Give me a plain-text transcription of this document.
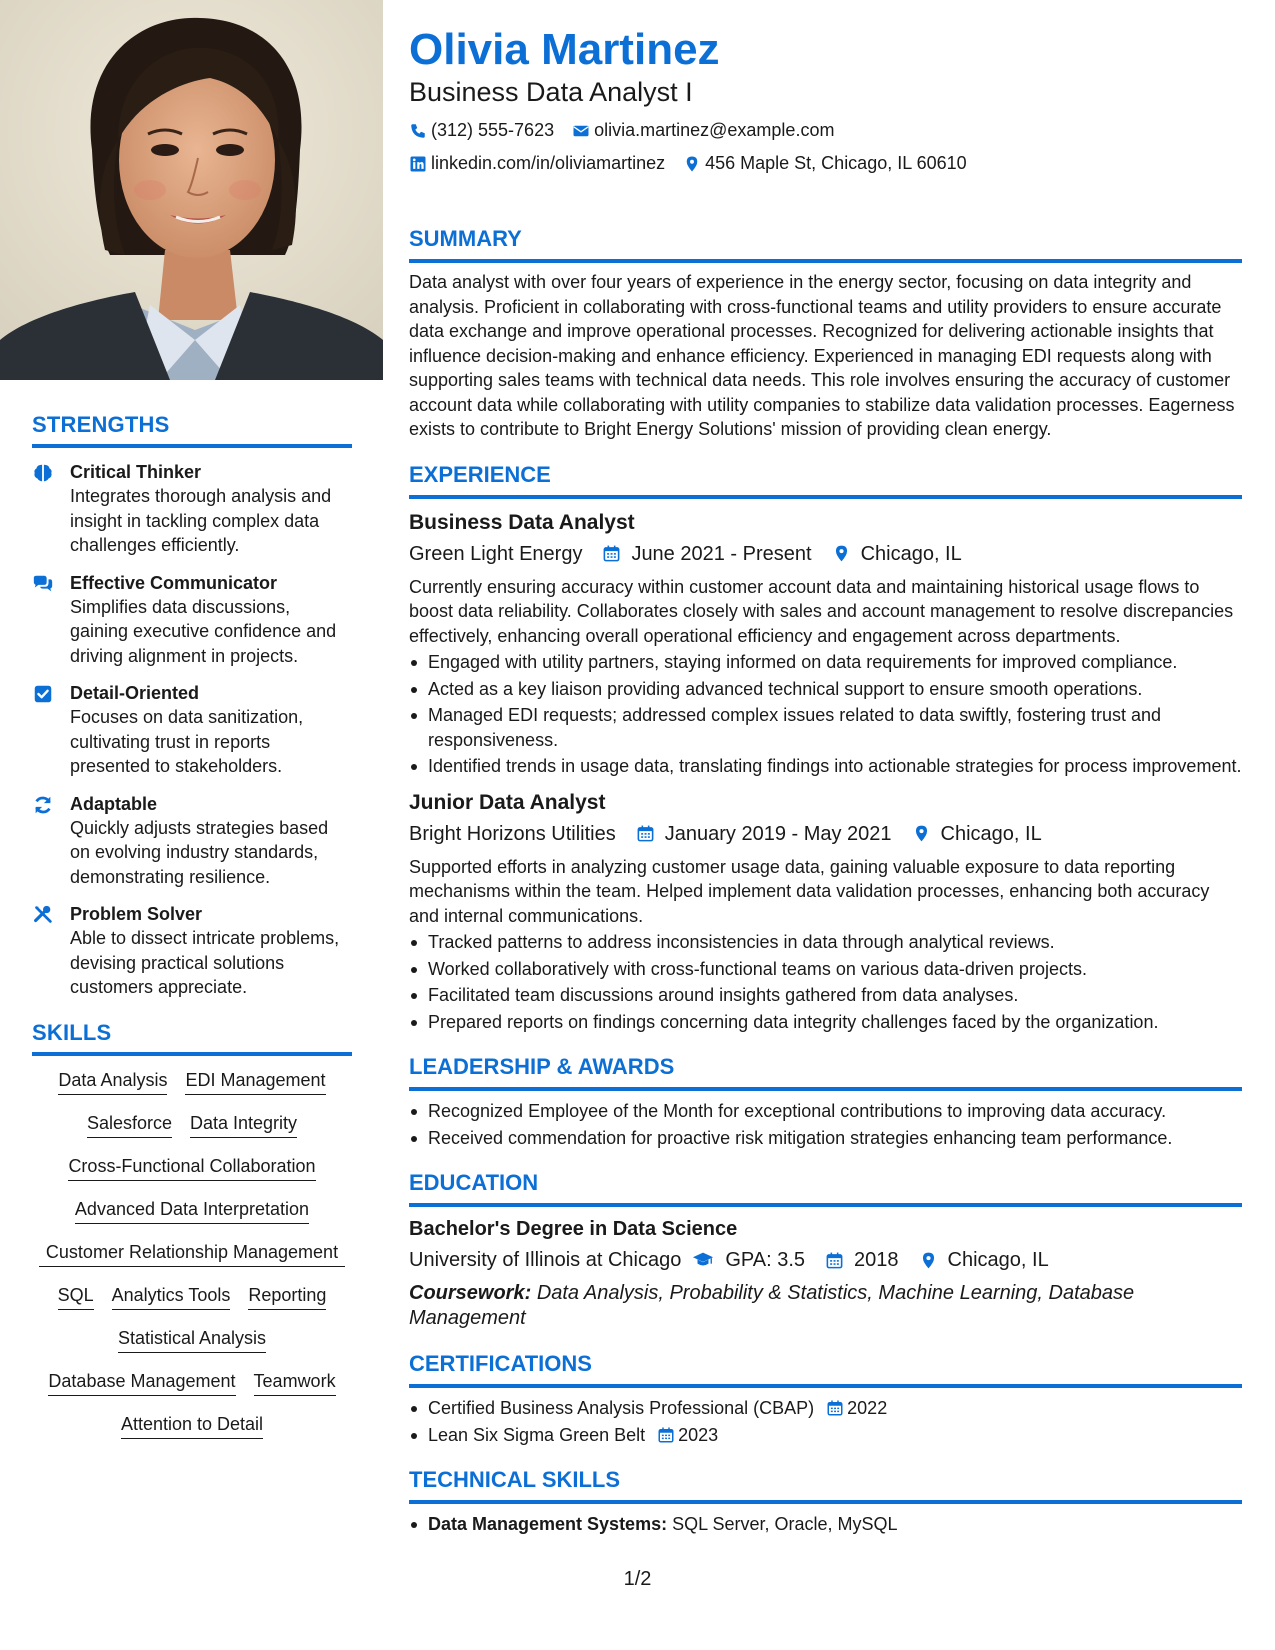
STRENGTHS
Critical Thinker

Integrates thorough analysis and insight in tackling complex data challenges efficiently.

Effective Communicator

Simplifies data discussions, gaining executive confidence and driving alignment in projects.

Detail-Oriented

Focuses on data sanitization, cultivating trust in reports presented to stakeholders.

Adaptable

Quickly adjusts strategies based on evolving industry standards, demonstrating resilience.

Problem Solver

Able to dissect intricate problems, devising practical solutions customers appreciate.

SKILLS
Data Analysis EDI Management
Salesforce Data Integrity
Cross-Functional Collaboration
Advanced Data Interpretation
Customer Relationship Management
SQL Analytics Tools Reporting
Statistical Analysis
Database Management Teamwork
Attention to Detail
Olivia Martinez
Business Data Analyst I
(312) 555-7623 olivia.martinez@example.com
linkedin.com/in/oliviamartinez 456 Maple St, Chicago, IL 60610
SUMMARY
Data analyst with over four years of experience in the energy sector, focusing on data integrity and analysis. Proficient in collaborating with cross-functional teams and utility providers to ensure accurate data exchange and improve operational processes. Recognized for delivering actionable insights that influence decision-making and enhance efficiency. Experienced in managing EDI requests along with supporting sales teams with technical data needs. This role involves ensuring the accuracy of customer account data while collaborating with utility companies to stabilize data validation processes. Eagerness exists to contribute to Bright Energy Solutions' mission of providing clean energy.
EXPERIENCE
Business Data Analyst
Green Light Energy June 2021 - Present Chicago, IL
Currently ensuring accuracy within customer account data and maintaining historical usage flows to boost data reliability. Collaborates closely with sales and account management to resolve discrepancies effectively, enhancing overall operational efficiency and engagement across departments.
Engaged with utility partners, staying informed on data requirements for improved compliance.
Acted as a key liaison providing advanced technical support to ensure smooth operations.
Managed EDI requests; addressed complex issues related to data swiftly, fostering trust and responsiveness.
Identified trends in usage data, translating findings into actionable strategies for process improvement.
Junior Data Analyst
Bright Horizons Utilities January 2019 - May 2021 Chicago, IL
Supported efforts in analyzing customer usage data, gaining valuable exposure to data reporting mechanisms within the team. Helped implement data validation processes, enhancing both accuracy and internal communications.
Tracked patterns to address inconsistencies in data through analytical reviews.
Worked collaboratively with cross-functional teams on various data-driven projects.
Facilitated team discussions around insights gathered from data analyses.
Prepared reports on findings concerning data integrity challenges faced by the organization.
LEADERSHIP & AWARDS
Recognized Employee of the Month for exceptional contributions to improving data accuracy.
Received commendation for proactive risk mitigation strategies enhancing team performance.
EDUCATION
Bachelor's Degree in Data Science
University of Illinois at Chicago GPA: 3.5 2018 Chicago, IL
Coursework: Data Analysis, Probability & Statistics, Machine Learning, Database Management
CERTIFICATIONS
Certified Business Analysis Professional (CBAP) 2022
Lean Six Sigma Green Belt 2023
TECHNICAL SKILLS
Data Management Systems: SQL Server, Oracle, MySQL
1/2
